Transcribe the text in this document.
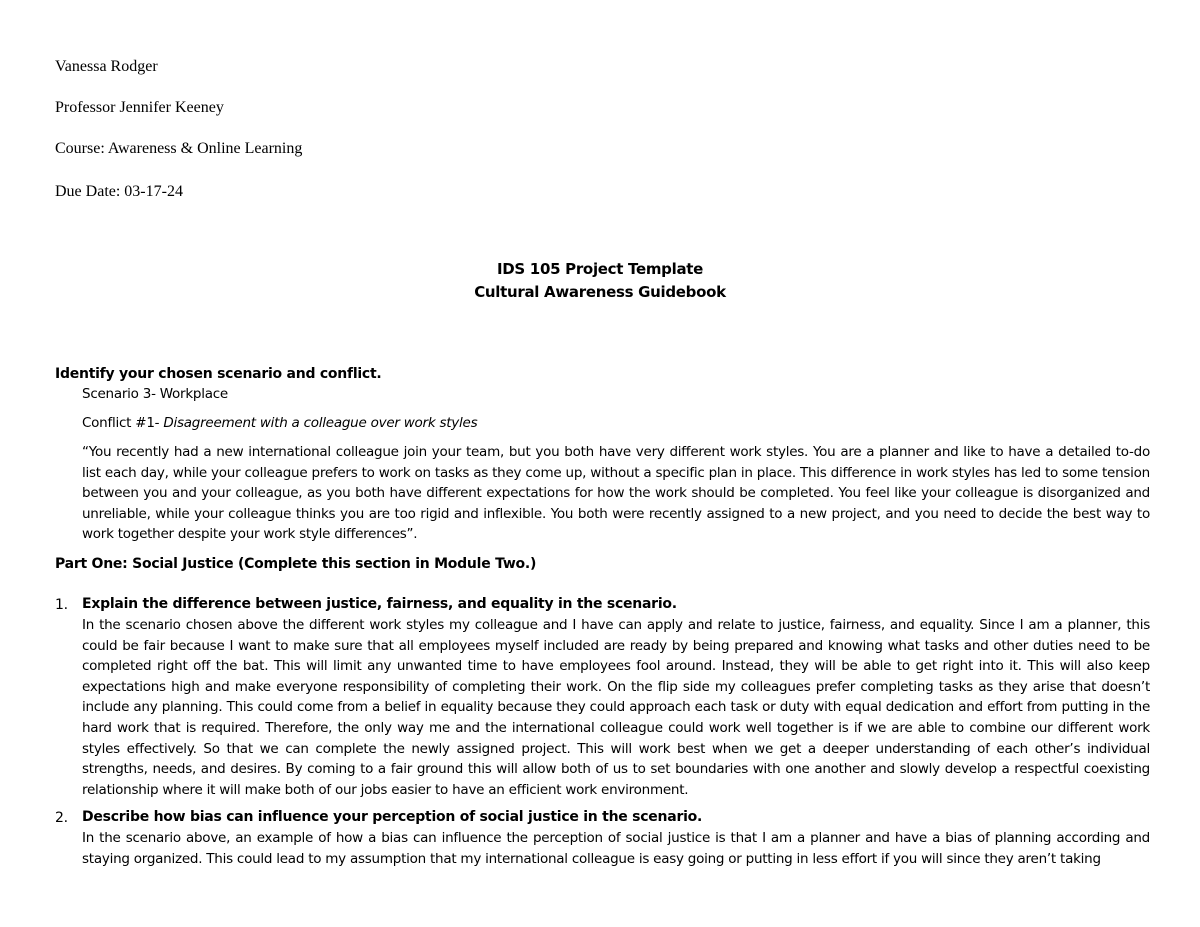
Vanessa Rodger
Professor Jennifer Keeney
Course: Awareness & Online Learning
Due Date: 03-17-24
IDS 105 Project Template
Cultural Awareness Guidebook
Identify your chosen scenario and conflict.
Scenario 3- Workplace
Conflict #1- Disagreement with a colleague over work styles

“You recently had a new international colleague join your team, but you both have very different work styles. You are a planner and like to have a detailed to-do list each day, while your colleague prefers to work on tasks as they come up, without a specific plan in place. This difference in work styles has led to some tension between you and your colleague, as you both have different expectations for how the work should be completed. You feel like your colleague is disorganized and unreliable, while your colleague thinks you are too rigid and inflexible. You both were recently assigned to a new project, and you need to decide the best way to work together despite your work style differences”.

Part One: Social Justice (Complete this section in Module Two.)
1. Explain the difference between justice, fairness, and equality in the scenario.

In the scenario chosen above the different work styles my colleague and I have can apply and relate to justice, fairness, and equality. Since I am a planner, this could be fair because I want to make sure that all employees myself included are ready by being prepared and knowing what tasks and other duties need to be completed right off the bat. This will limit any unwanted time to have employees fool around. Instead, they will be able to get right into it. This will also keep expectations high and make everyone responsibility of completing their work. On the flip side my colleagues prefer completing tasks as they arise that doesn’t include any planning. This could come from a belief in equality because they could approach each task or duty with equal dedication and effort from putting in the hard work that is required. Therefore, the only way me and the international colleague could work well together is if we are able to combine our different work styles effectively. So that we can complete the newly assigned project. This will work best when we get a deeper understanding of each other’s individual strengths, needs, and desires. By coming to a fair ground this will allow both of us to set boundaries with one another and slowly develop a respectful coexisting relationship where it will make both of our jobs easier to have an efficient work environment.

2. Describe how bias can influence your perception of social justice in the scenario.

In the scenario above, an example of how a bias can influence the perception of social justice is that I am a planner and have a bias of planning according and staying organized. This could lead to my assumption that my international colleague is easy going or putting in less effort if you will since they aren’t taking
